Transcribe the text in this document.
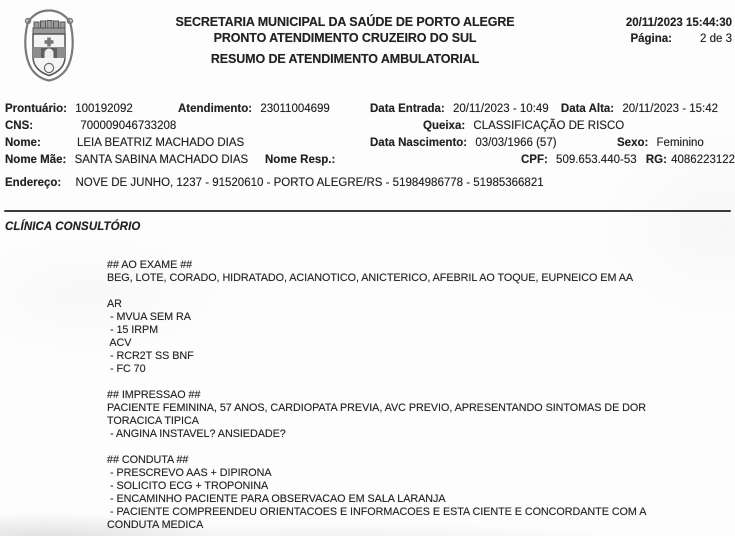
SECRETARIA MUNICIPAL DA SAÚDE DE PORTO ALEGRE
PRONTO ATENDIMENTO CRUZEIRO DO SUL
RESUMO DE ATENDIMENTO AMBULATORIAL
20/11/2023 15:44:30
Página: 2 de 3
Prontuário: 100192092	Atendimento: 23011004699	Data Entrada: 20/11/2023 - 10:49 Data Alta: 20/11/2023 - 15:42
CNS:	700009046733208	Queixa: CLASSIFICAÇÃO DE RISCO
Nome:	LEIA BEATRIZ MACHADO DIAS	Data Nascimento: 03/03/1966 (57)	Sexo: Feminino
Nome Mãe: SANTA SABINA MACHADO DIAS Nome Resp.:	CPF: 509.653.440-53 RG: 4086223122
Endereço: NOVE DE JUNHO, 1237 - 91520610 - PORTO ALEGRE/RS - 51984986778 - 51985366821
CLÍNICA CONSULTÓRIO
## AO EXAME ##
BEG, LOTE, CORADO, HIDRATADO, ACIANOTICO, ANICTERICO, AFEBRIL AO TOQUE, EUPNEICO EM AA
AR
- MVUA SEM RA
- 15 IRPM
ACV
- RCR2T SS BNF
- FC 70
## IMPRESSAO ##
PACIENTE FEMININA, 57 ANOS, CARDIOPATA PREVIA, AVC PREVIO, APRESENTANDO SINTOMAS DE DOR
TORACICA TIPICA
- ANGINA INSTAVEL? ANSIEDADE?
## CONDUTA ##
- PRESCREVO AAS + DIPIRONA
- SOLICITO ECG + TROPONINA
- ENCAMINHO PACIENTE PARA OBSERVACAO EM SALA LARANJA
- PACIENTE COMPREENDEU ORIENTACOES E INFORMACOES E ESTA CIENTE E CONCORDANTE COM A
CONDUTA MEDICA
